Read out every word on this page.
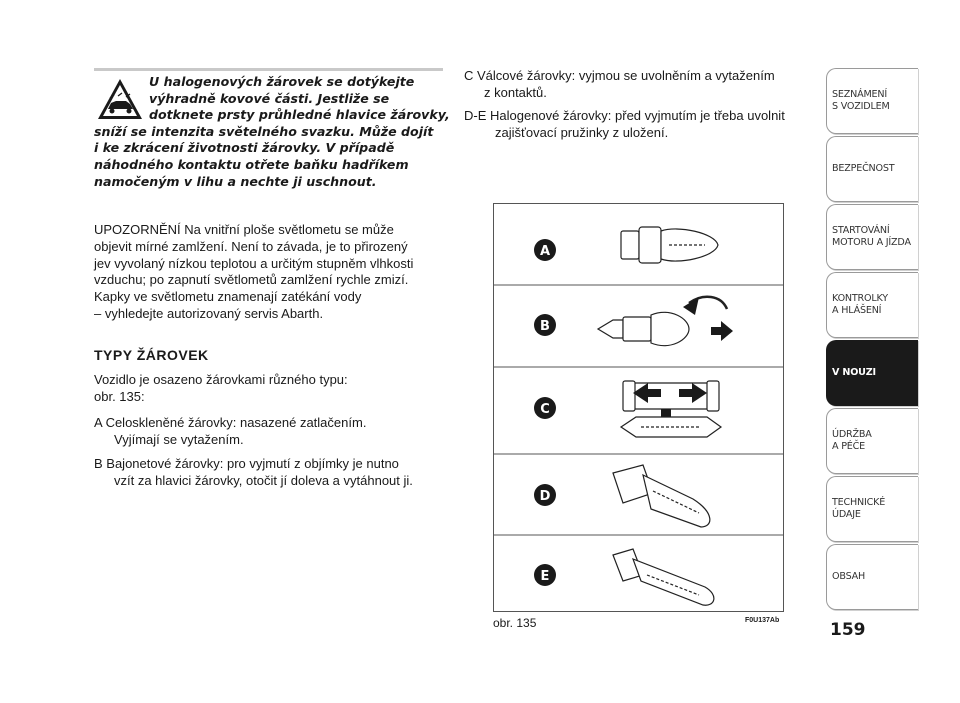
U halogenových žárovek se dotýkejte
výhradně kovové části. Jestliže se
dotknete prsty průhledné hlavice žárovky,
sníží se intenzita světelného svazku. Může dojít
i ke zkrácení životnosti žárovky. V případě
náhodného kontaktu otřete baňku hadříkem
namočeným v lihu a nechte ji uschnout.
UPOZORNĚNÍ Na vnitřní ploše světlometu se může
objevit mírné zamlžení. Není to závada, je to přirozený
jev vyvolaný nízkou teplotou a určitým stupněm vlhkosti
vzduchu; po zapnutí světlometů zamlžení rychle zmizí.
Kapky ve světlometu znamenají zatékání vody
– vyhledejte autorizovaný servis Abarth.
TYPY ŽÁROVEK
Vozidlo je osazeno žárovkami různého typu:
obr. 135:
A Celoskleněné žárovky: nasazené zatlačením.
Vyjímají se vytažením.
B Bajonetové žárovky: pro vyjmutí z objímky je nutno
vzít za hlavici žárovky, otočit jí doleva a vytáhnout ji.
C Válcové žárovky: vyjmou se uvolněním a vytažením
z kontaktů.
D-E Halogenové žárovky: před vyjmutím je třeba uvolnit
zajišťovací pružinky z uložení.
A
B
C
D
E
obr. 135	F0U137Ab
SEZNÁMENÍ
S VOZIDLEM
BEZPEČNOST
STARTOVÁNÍ
MOTORU A JÍZDA
KONTROLKY
A HLÁŠENÍ
V NOUZI
ÚDRŽBA
A PÉČE
TECHNICKÉ
ÚDAJE
OBSAH
159
